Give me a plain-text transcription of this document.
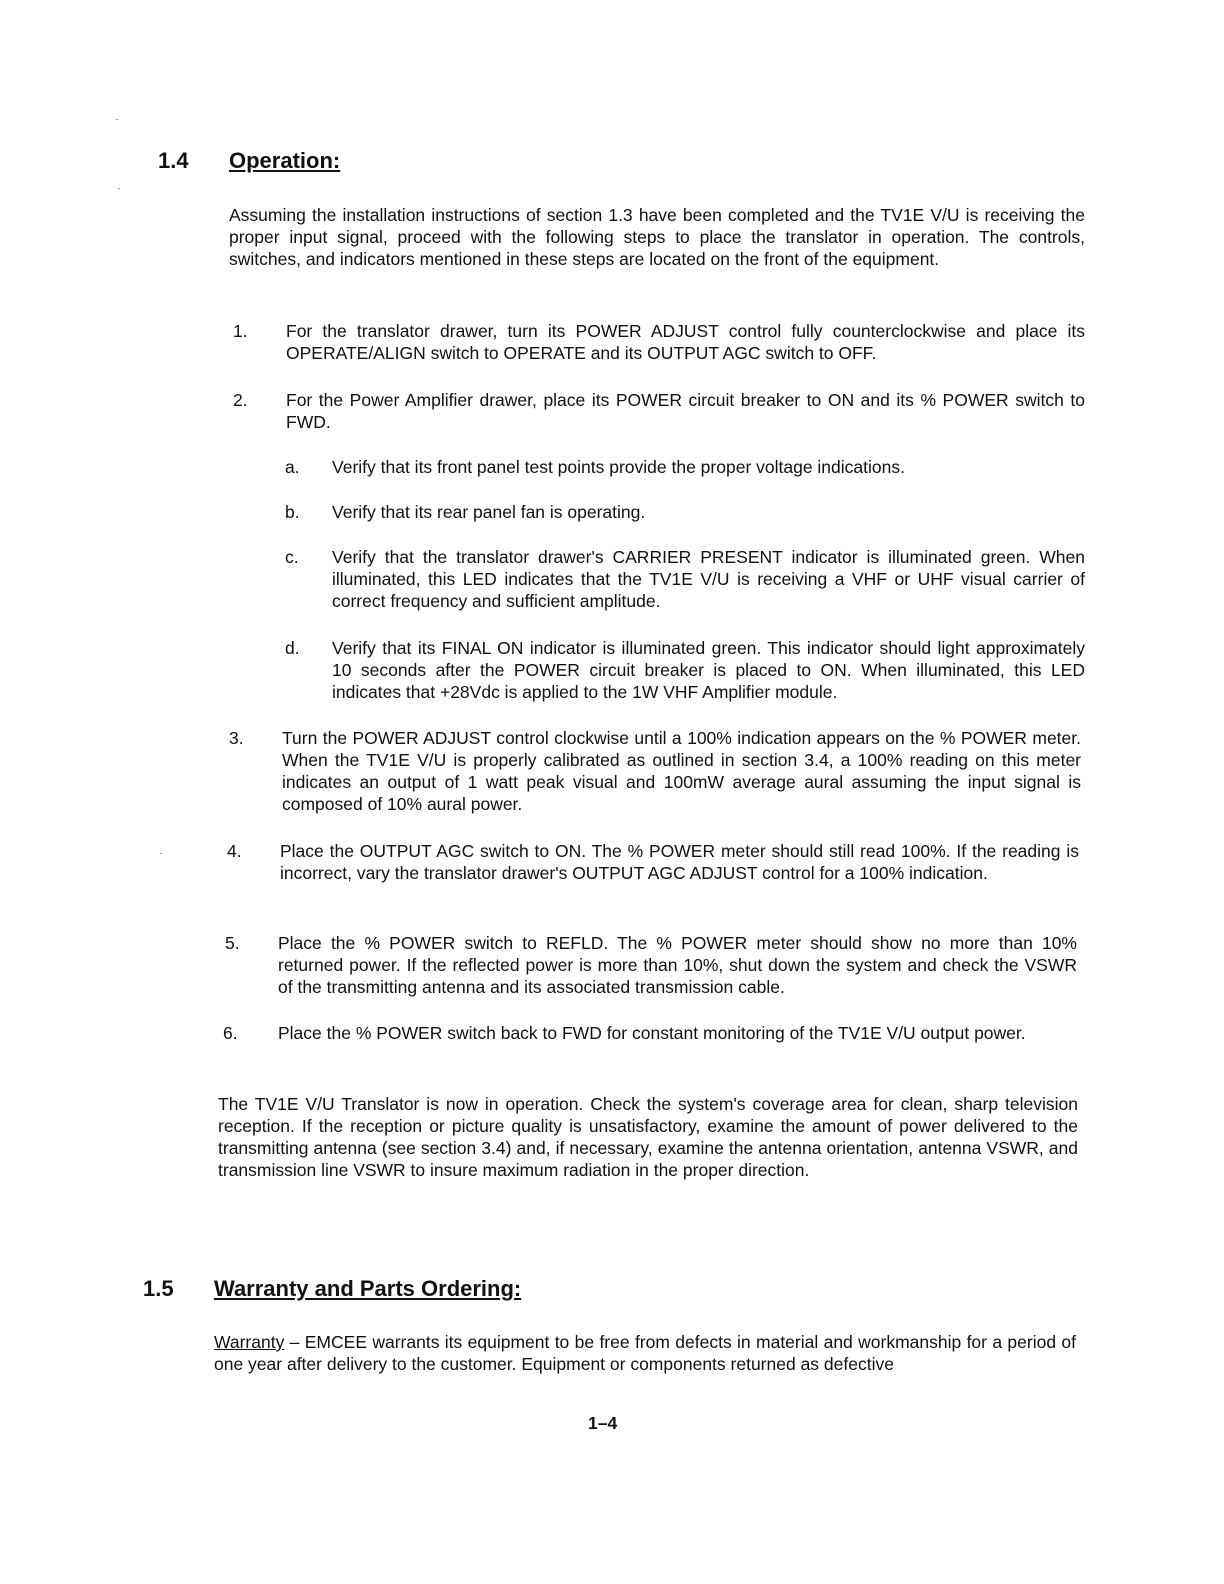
1.4 Operation:

Assuming the installation instructions of section 1.3 have been completed and the TV1E V/U is receiving the proper input signal, proceed with the following steps to place the translator in operation. The controls, switches, and indicators mentioned in these steps are located on the front of the equipment.

1. For the translator drawer, turn its POWER ADJUST control fully counterclockwise and place its OPERATE/ALIGN switch to OPERATE and its OUTPUT AGC switch to OFF.

2. For the Power Amplifier drawer, place its POWER circuit breaker to ON and its % POWER switch to FWD.

a. Verify that its front panel test points provide the proper voltage indications.

b. Verify that its rear panel fan is operating.

c. Verify that the translator drawer's CARRIER PRESENT indicator is illuminated green. When illuminated, this LED indicates that the TV1E V/U is receiving a VHF or UHF visual carrier of correct frequency and sufficient amplitude.

d. Verify that its FINAL ON indicator is illuminated green. This indicator should light approximately 10 seconds after the POWER circuit breaker is placed to ON. When illuminated, this LED indicates that +28Vdc is applied to the 1W VHF Amplifier module.

3. Turn the POWER ADJUST control clockwise until a 100% indication appears on the % POWER meter. When the TV1E V/U is properly calibrated as outlined in section 3.4, a 100% reading on this meter indicates an output of 1 watt peak visual and 100mW average aural assuming the input signal is composed of 10% aural power.

4. Place the OUTPUT AGC switch to ON. The % POWER meter should still read 100%. If the reading is incorrect, vary the translator drawer's OUTPUT AGC ADJUST control for a 100% indication.

5. Place the % POWER switch to REFLD. The % POWER meter should show no more than 10% returned power. If the reflected power is more than 10%, shut down the system and check the VSWR of the transmitting antenna and its associated transmission cable.

6. Place the % POWER switch back to FWD for constant monitoring of the TV1E V/U output power.

The TV1E V/U Translator is now in operation. Check the system's coverage area for clean, sharp television reception. If the reception or picture quality is unsatisfactory, examine the amount of power delivered to the transmitting antenna (see section 3.4) and, if necessary, examine the antenna orientation, antenna VSWR, and transmission line VSWR to insure maximum radiation in the proper direction.

1.5 Warranty and Parts Ordering:

Warranty – EMCEE warrants its equipment to be free from defects in material and workmanship for a period of one year after delivery to the customer. Equipment or components returned as defective

1–4
